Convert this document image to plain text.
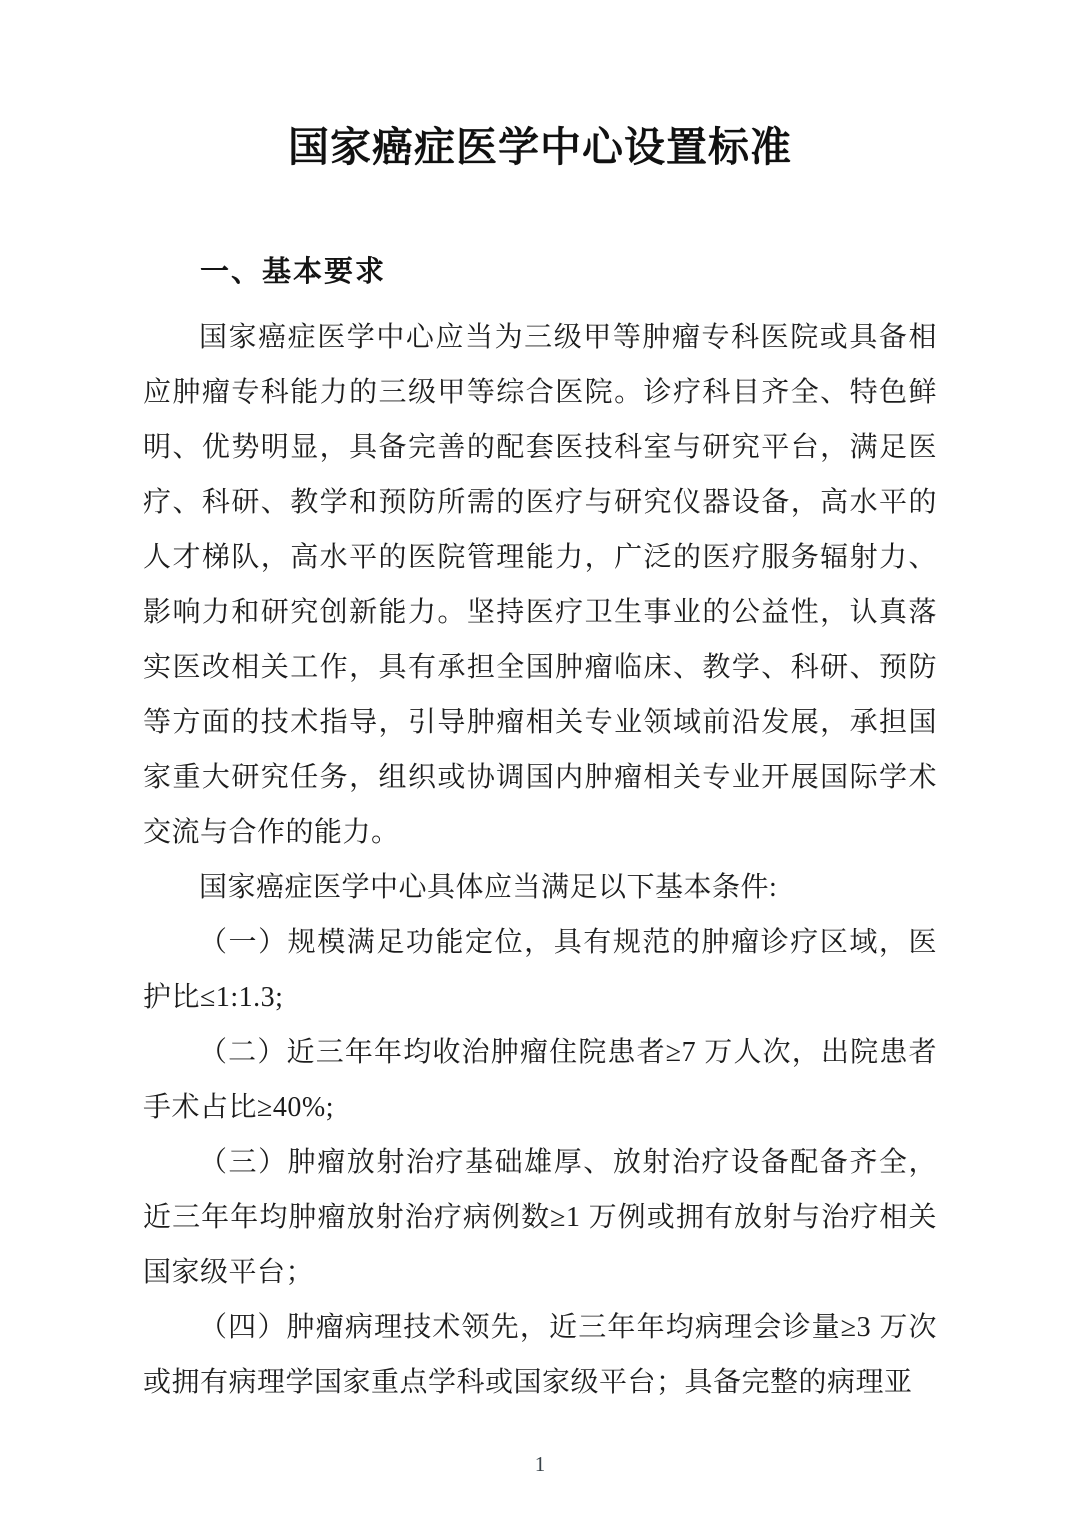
国家癌症医学中心设置标准
一、基本要求

国家癌症医学中心应当为三级甲等肿瘤专科医院或具备相应肿瘤专科能力的三级甲等综合医院。诊疗科目齐全、特色鲜明、优势明显，具备完善的配套医技科室与研究平台，满足医疗、科研、教学和预防所需的医疗与研究仪器设备，高水平的人才梯队，高水平的医院管理能力，广泛的医疗服务辐射力、影响力和研究创新能力。坚持医疗卫生事业的公益性，认真落实医改相关工作，具有承担全国肿瘤临床、教学、科研、预防等方面的技术指导，引导肿瘤相关专业领域前沿发展，承担国家重大研究任务，组织或协调国内肿瘤相关专业开展国际学术交流与合作的能力。

国家癌症医学中心具体应当满足以下基本条件:

（一）规模满足功能定位，具有规范的肿瘤诊疗区域，医护比≤1:1.3;

（二）近三年年均收治肿瘤住院患者≥7 万人次，出院患者手术占比≥40%;

（三）肿瘤放射治疗基础雄厚、放射治疗设备配备齐全，近三年年均肿瘤放射治疗病例数≥1 万例或拥有放射与治疗相关国家级平台；

（四）肿瘤病理技术领先，近三年年均病理会诊量≥3 万次或拥有病理学国家重点学科或国家级平台；具备完整的病理亚

1
